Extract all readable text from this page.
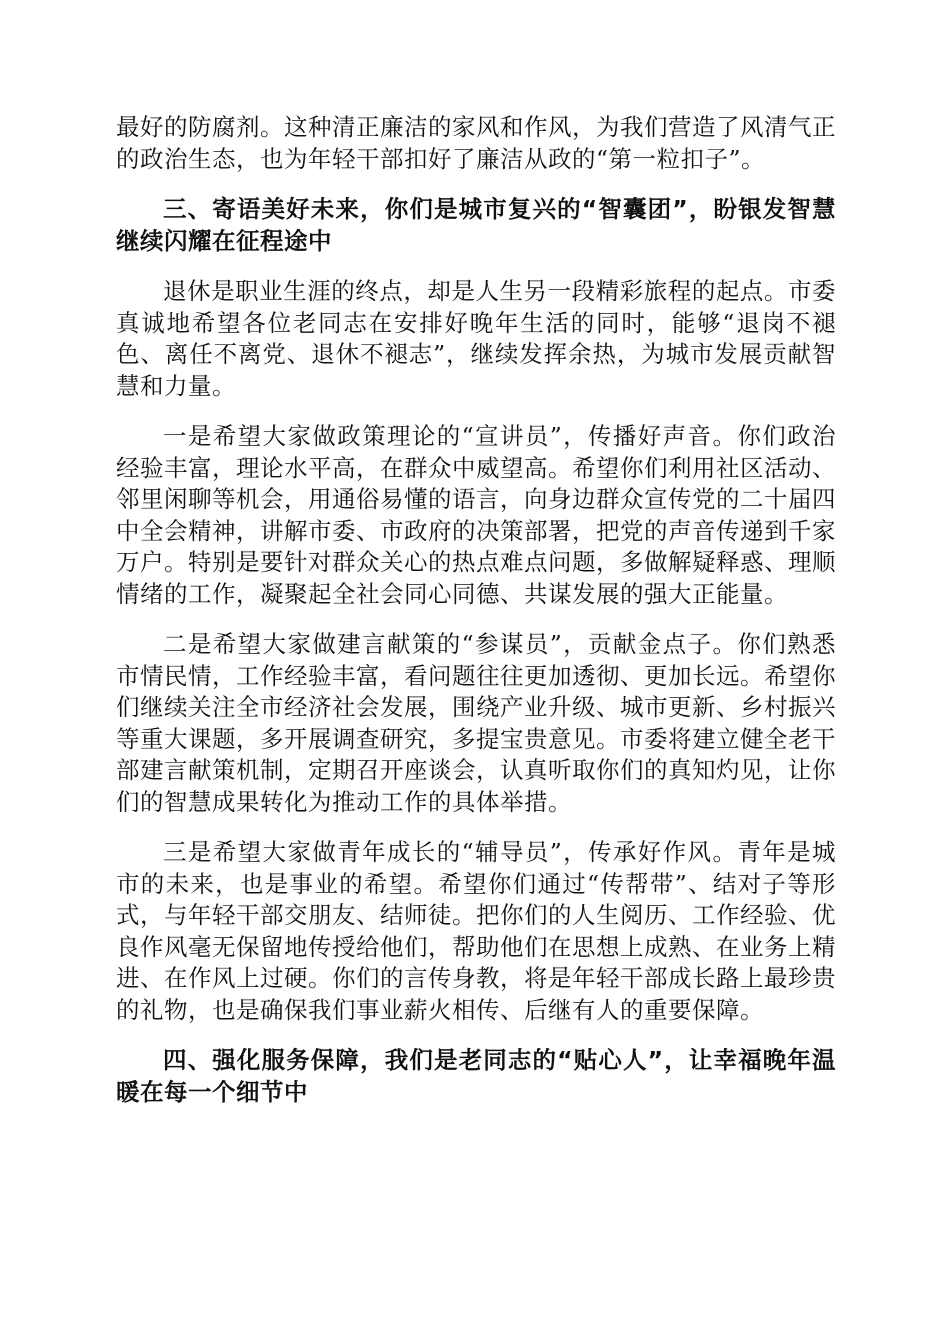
最好的防腐剂。这种清正廉洁的家风和作风，为我们营造了风清气正的政治生态，也为年轻干部扣好了廉洁从政的“第一粒扣子”。

三、寄语美好未来，你们是城市复兴的“智囊团”，盼银发智慧继续闪耀在征程途中

退休是职业生涯的终点，却是人生另一段精彩旅程的起点。市委真诚地希望各位老同志在安排好晚年生活的同时，能够“退岗不褪色、离任不离党、退休不褪志”，继续发挥余热，为城市发展贡献智慧和力量。

一是希望大家做政策理论的“宣讲员”，传播好声音。你们政治经验丰富，理论水平高，在群众中威望高。希望你们利用社区活动、邻里闲聊等机会，用通俗易懂的语言，向身边群众宣传党的二十届四中全会精神，讲解市委、市政府的决策部署，把党的声音传递到千家万户。特别是要针对群众关心的热点难点问题，多做解疑释惑、理顺情绪的工作，凝聚起全社会同心同德、共谋发展的强大正能量。

二是希望大家做建言献策的“参谋员”，贡献金点子。你们熟悉市情民情，工作经验丰富，看问题往往更加透彻、更加长远。希望你们继续关注全市经济社会发展，围绕产业升级、城市更新、乡村振兴等重大课题，多开展调查研究，多提宝贵意见。市委将建立健全老干部建言献策机制，定期召开座谈会，认真听取你们的真知灼见，让你们的智慧成果转化为推动工作的具体举措。

三是希望大家做青年成长的“辅导员”，传承好作风。青年是城市的未来，也是事业的希望。希望你们通过“传帮带”、结对子等形式，与年轻干部交朋友、结师徒。把你们的人生阅历、工作经验、优良作风毫无保留地传授给他们，帮助他们在思想上成熟、在业务上精进、在作风上过硬。你们的言传身教，将是年轻干部成长路上最珍贵的礼物，也是确保我们事业薪火相传、后继有人的重要保障。

四、强化服务保障，我们是老同志的“贴心人”，让幸福晚年温暖在每一个细节中
